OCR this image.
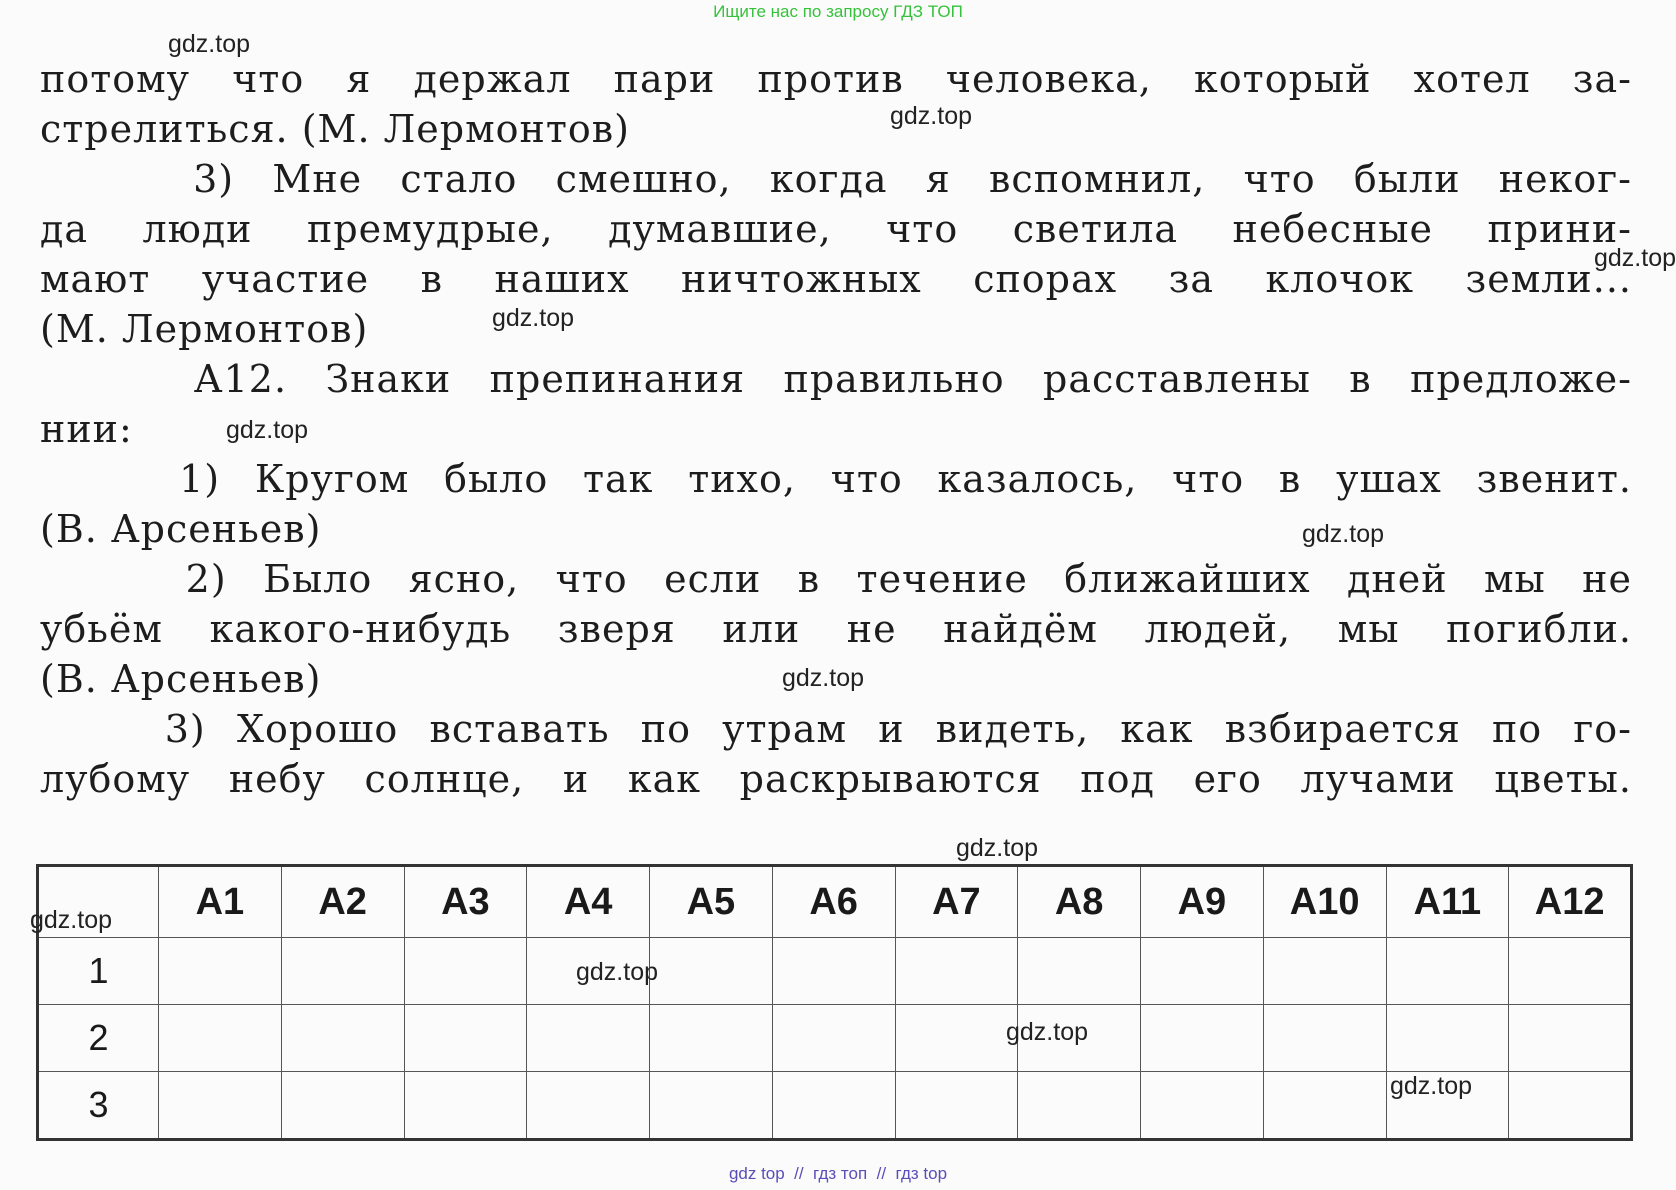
Ищите нас по запросу ГДЗ ТОП
потому что я держал пари против человека, который хотел за-
стрелиться. (М. Лермонтов)
3) Мне стало смешно, когда я вспомнил, что были неког-
да люди премудрые, думавшие, что светила небесные прини-
мают участие в наших ничтожных спорах за клочок земли...
(М. Лермонтов)
А12. Знаки препинания правильно расставлены в предложе-
нии:
1) Кругом было так тихо, что казалось, что в ушах звенит.
(В. Арсеньев)
2) Было ясно, что если в течение ближайших дней мы не
убьём какого-нибудь зверя или не найдём людей, мы погибли.
(В. Арсеньев)
3) Хорошо вставать по утрам и видеть, как взбирается по го-
лубому небу солнце, и как раскрываются под его лучами цветы.
	A1	A2	A3	A4	A5	A6	A7	A8	A9	A10	A11	A12
1												
2												
3												
gdz.top
gdz.top
gdz.top
gdz.top
gdz.top
gdz.top
gdz.top
gdz.top
gdz.top
gdz.top
gdz.top
gdz.top
gdz top  //  гдз топ  //  гдз top
